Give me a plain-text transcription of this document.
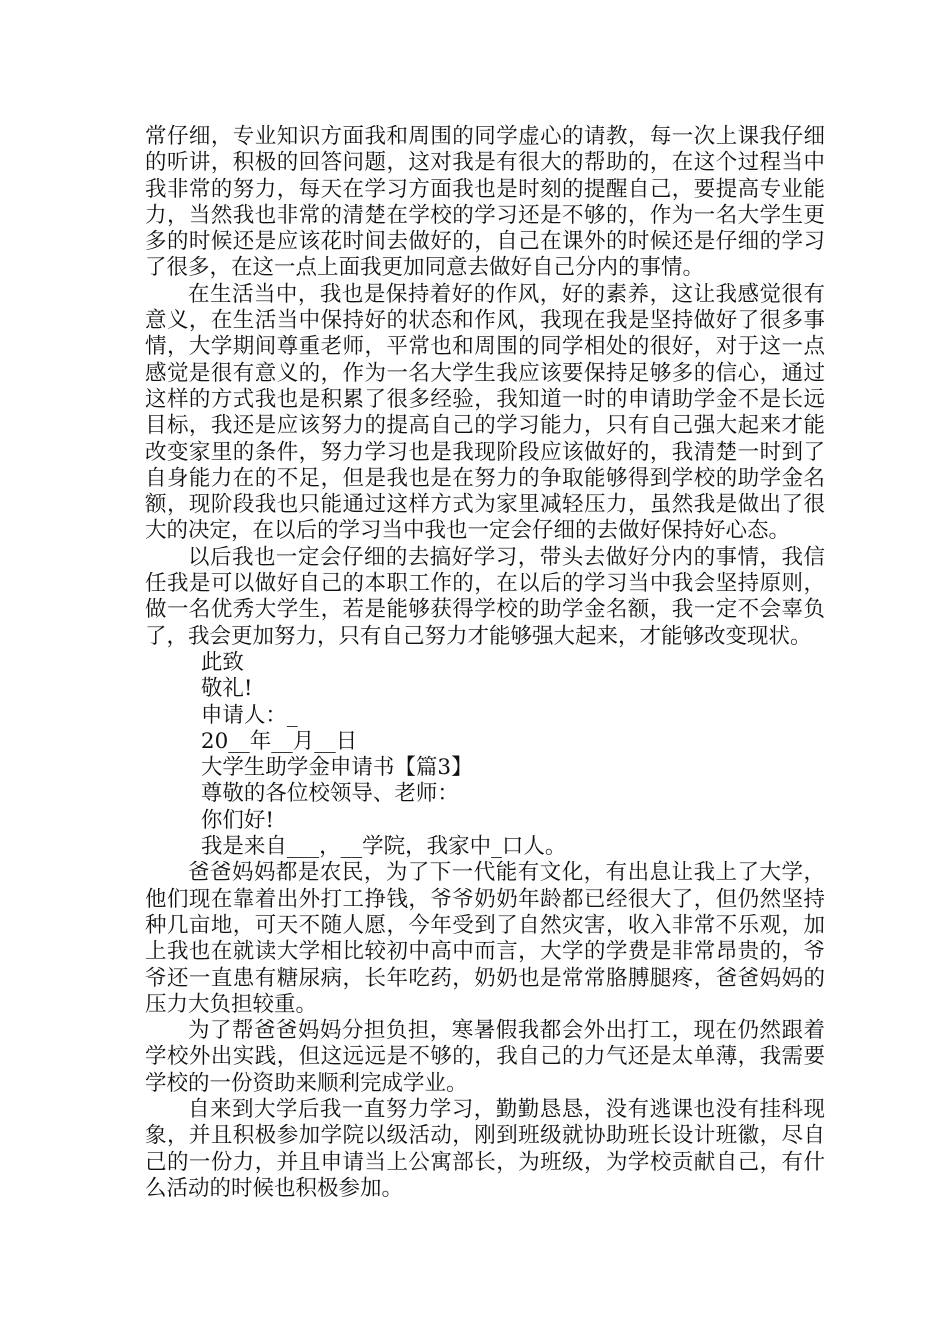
常仔细，专业知识方面我和周围的同学虚心的请教，每一次上课我仔细的听讲，积极的回答问题，这对我是有很大的帮助的，在这个过程当中我非常的努力，每天在学习方面我也是时刻的提醒自己，要提高专业能力，当然我也非常的清楚在学校的学习还是不够的，作为一名大学生更多的时候还是应该花时间去做好的，自己在课外的时候还是仔细的学习了很多，在这一点上面我更加同意去做好自己分内的事情。

在生活当中，我也是保持着好的作风，好的素养，这让我感觉很有意义，在生活当中保持好的状态和作风，我现在我是坚持做好了很多事情，大学期间尊重老师，平常也和周围的同学相处的很好，对于这一点感觉是很有意义的，作为一名大学生我应该要保持足够多的信心，通过这样的方式我也是积累了很多经验，我知道一时的申请助学金不是长远目标，我还是应该努力的提高自己的学习能力，只有自己强大起来才能改变家里的条件，努力学习也是我现阶段应该做好的，我清楚一时到了自身能力在的不足，但是我也是在努力的争取能够得到学校的助学金名额，现阶段我也只能通过这样方式为家里减轻压力，虽然我是做出了很大的决定，在以后的学习当中我也一定会仔细的去做好保持好心态。

以后我也一定会仔细的去搞好学习，带头去做好分内的事情，我信任我是可以做好自己的本职工作的，在以后的学习当中我会坚持原则，做一名优秀大学生，若是能够获得学校的助学金名额，我一定不会辜负了，我会更加努力，只有自己努力才能够强大起来，才能够改变现状。

此致

敬礼!

申请人：_

20__年__月__日

大学生助学金申请书【篇3】

尊敬的各位校领导、老师：

你们好!

我是来自___，__学院，我家中_口人。

爸爸妈妈都是农民，为了下一代能有文化，有出息让我上了大学，他们现在靠着出外打工挣钱，爷爷奶奶年龄都已经很大了，但仍然坚持种几亩地，可天不随人愿，今年受到了自然灾害，收入非常不乐观，加上我也在就读大学相比较初中高中而言，大学的学费是非常昂贵的，爷爷还一直患有糖尿病，长年吃药，奶奶也是常常胳膊腿疼，爸爸妈妈的压力大负担较重。

为了帮爸爸妈妈分担负担，寒暑假我都会外出打工，现在仍然跟着学校外出实践，但这远远是不够的，我自己的力气还是太单薄，我需要学校的一份资助来顺利完成学业。

自来到大学后我一直努力学习，勤勤恳恳，没有逃课也没有挂科现象，并且积极参加学院以级活动，刚到班级就协助班长设计班徽，尽自己的一份力，并且申请当上公寓部长，为班级，为学校贡献自己，有什么活动的时候也积极参加。
